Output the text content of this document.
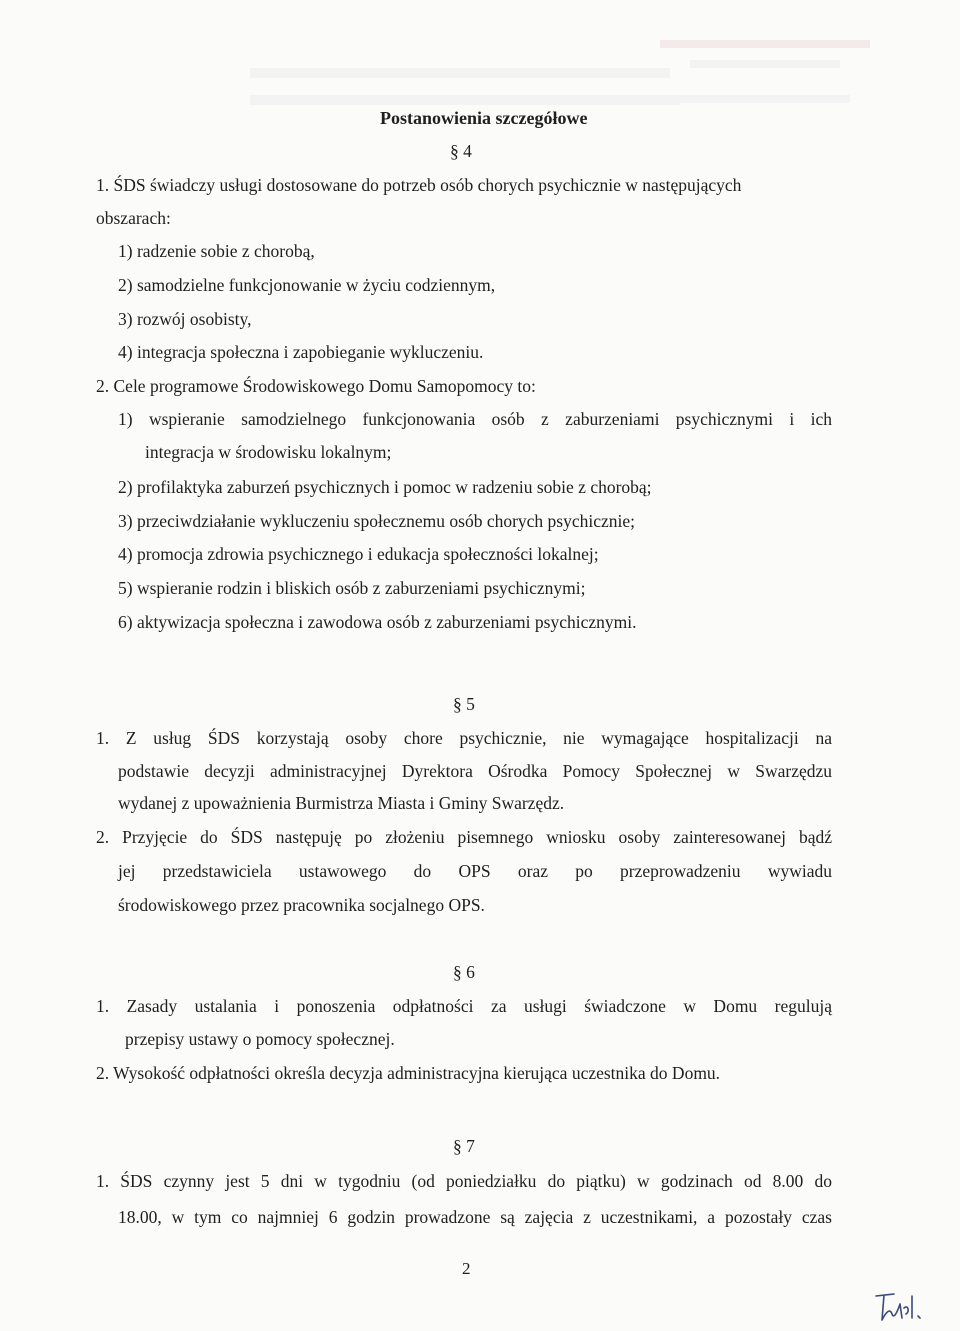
Postanowienia szczegółowe
§ 4
1. ŚDS świadczy usługi dostosowane do potrzeb osób chorych psychicznie w następujących
obszarach:
1) radzenie sobie z chorobą,
2) samodzielne funkcjonowanie w życiu codziennym,
3) rozwój osobisty,
4) integracja społeczna i zapobieganie wykluczeniu.
2. Cele programowe Środowiskowego Domu Samopomocy to:
1) wspieranie samodzielnego funkcjonowania osób z zaburzeniami psychicznymi i ich
integracja w środowisku lokalnym;
2) profilaktyka zaburzeń psychicznych i pomoc w radzeniu sobie z chorobą;
3) przeciwdziałanie wykluczeniu społecznemu osób chorych psychicznie;
4) promocja zdrowia psychicznego i edukacja społeczności lokalnej;
5) wspieranie rodzin i bliskich osób z zaburzeniami psychicznymi;
6) aktywizacja społeczna i zawodowa osób z zaburzeniami psychicznymi.
§ 5
1. Z usług ŚDS korzystają osoby chore psychicznie, nie wymagające hospitalizacji na
podstawie decyzji administracyjnej Dyrektora Ośrodka Pomocy Społecznej w Swarzędzu
wydanej z upoważnienia Burmistrza Miasta i Gminy Swarzędz.
2. Przyjęcie do ŚDS następuję po złożeniu pisemnego wniosku osoby zainteresowanej bądź
jej przedstawiciela ustawowego do OPS oraz po przeprowadzeniu wywiadu
środowiskowego przez pracownika socjalnego OPS.
§ 6
1. Zasady ustalania i ponoszenia odpłatności za usługi świadczone w Domu regulują
przepisy ustawy o pomocy społecznej.
2. Wysokość odpłatności określa decyzja administracyjna kierująca uczestnika do Domu.
§ 7
1. ŚDS czynny jest 5 dni w tygodniu (od poniedziałku do piątku) w godzinach od 8.00 do
18.00, w tym co najmniej 6 godzin prowadzone są zajęcia z uczestnikami, a pozostały czas
2
